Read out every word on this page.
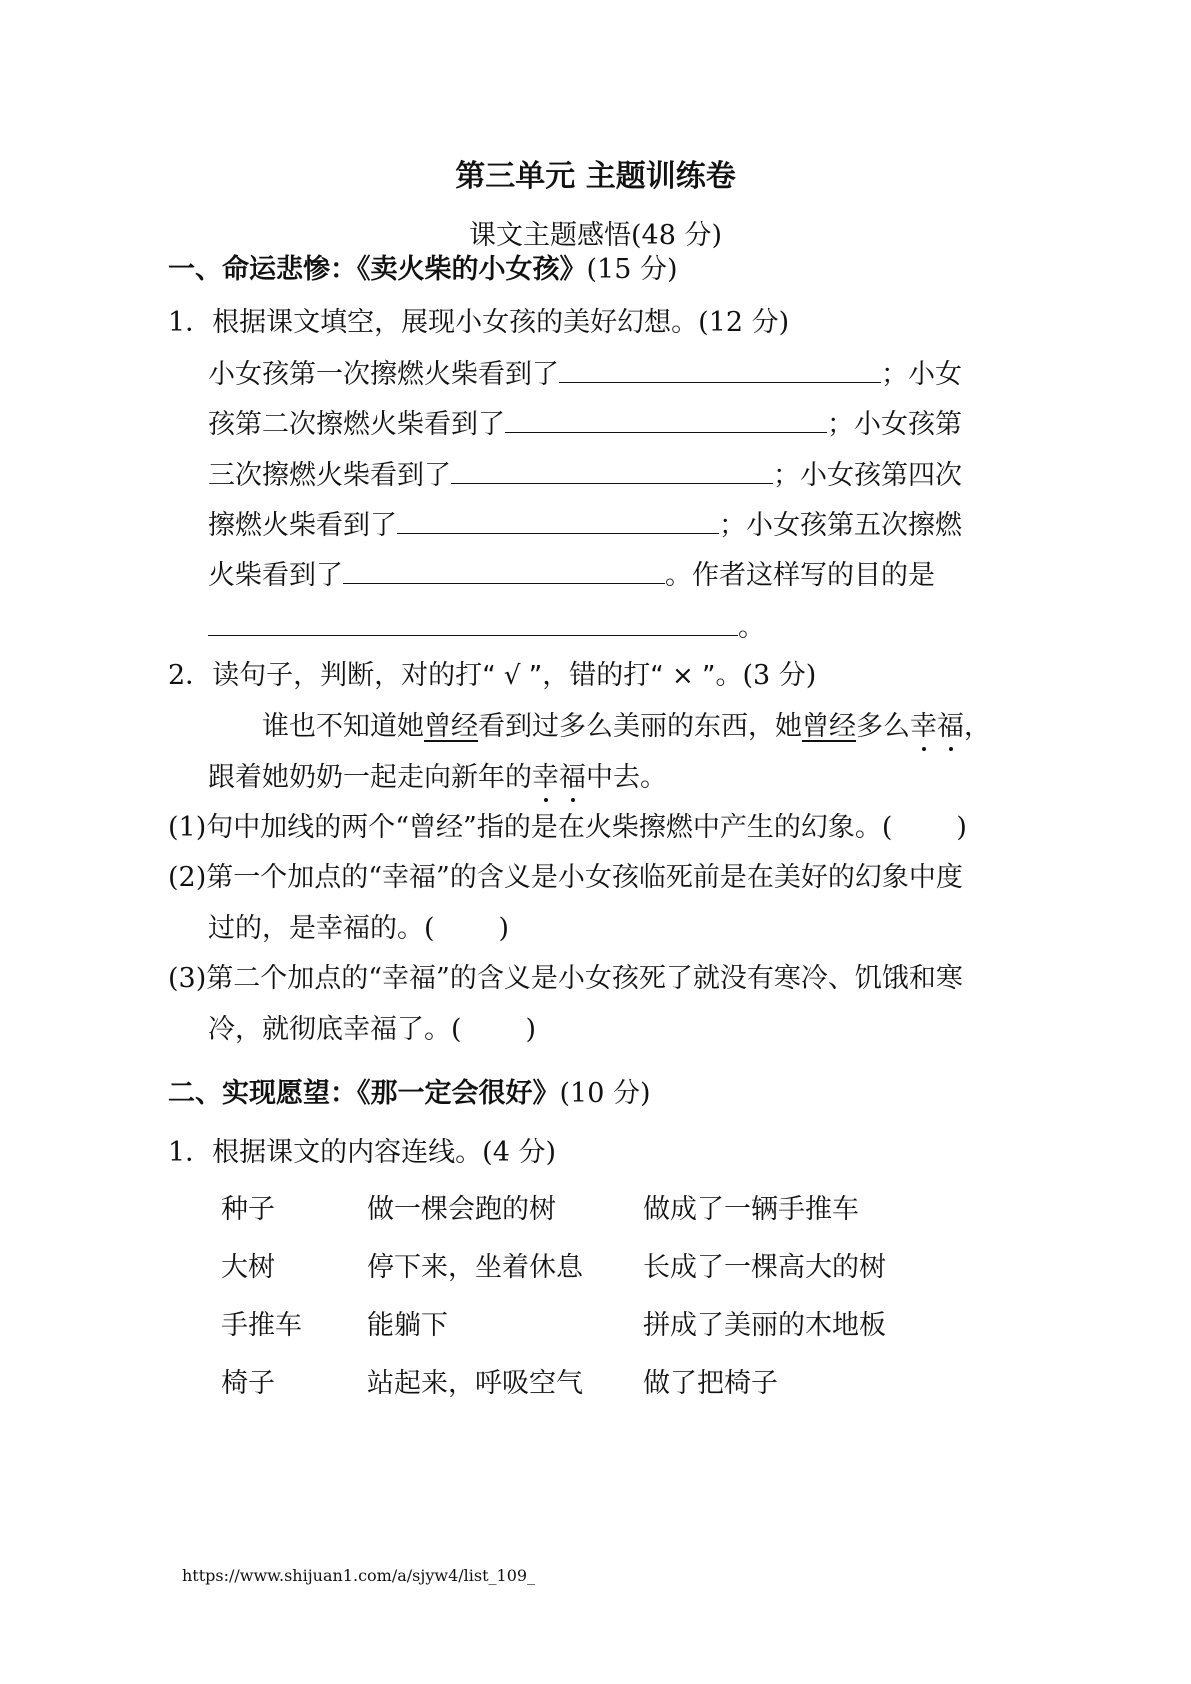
第三单元 主题训练卷
课文主题感悟(48 分)
一、命运悲惨：《卖火柴的小女孩》(15 分)
1．根据课文填空，展现小女孩的美好幻想。(12 分)
小女孩第一次擦燃火柴看到了	；小女
孩第二次擦燃火柴看到了	；小女孩第
三次擦燃火柴看到了	；小女孩第四次
擦燃火柴看到了	；小女孩第五次擦燃
火柴看到了	。作者这样写的目的是
。
2．读句子，判断，对的打“ √ ”，错的打“ × ”。(3 分)
谁也不知道她曾经看到过多么美丽的东西，她曾经多么幸福，
跟着她奶奶一起走向新年的幸福中去。
(1)句中加线的两个“曾经”指的是在火柴擦燃中产生的幻象。( )
(2)第一个加点的“幸福”的含义是小女孩临死前是在美好的幻象中度
过的，是幸福的。( )
(3)第二个加点的“幸福”的含义是小女孩死了就没有寒冷、饥饿和寒
冷，就彻底幸福了。( )
二、实现愿望：《那一定会很好》(10 分)
1．根据课文的内容连线。(4 分)
种子	做一棵会跑的树	做成了一辆手推车
大树	停下来，坐着休息 长成了一棵高大的树
手推车 能躺下	拼成了美丽的木地板
椅子	站起来，呼吸空气 做了把椅子
https://www.shijuan1.com/a/sjyw4/list_109_
